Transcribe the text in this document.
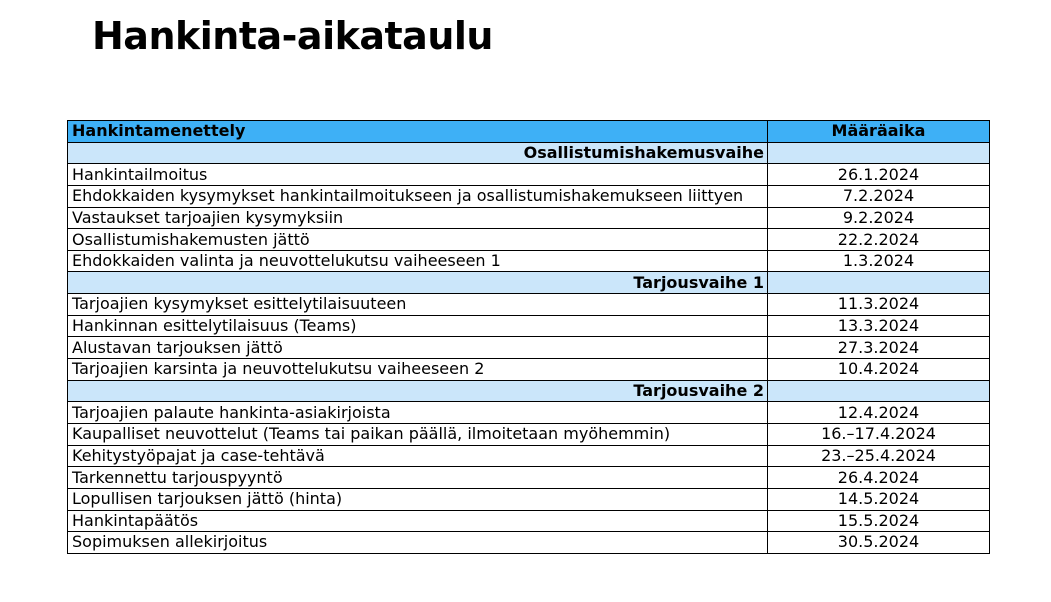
Hankinta-aikataulu
Hankintamenettely	Määräaika
Osallistumishakemusvaihe	
Hankintailmoitus	26.1.2024
Ehdokkaiden kysymykset hankintailmoitukseen ja osallistumishakemukseen liittyen	7.2.2024
Vastaukset tarjoajien kysymyksiin	9.2.2024
Osallistumishakemusten jättö	22.2.2024
Ehdokkaiden valinta ja neuvottelukutsu vaiheeseen 1	1.3.2024
Tarjousvaihe 1	
Tarjoajien kysymykset esittelytilaisuuteen	11.3.2024
Hankinnan esittelytilaisuus (Teams)	13.3.2024
Alustavan tarjouksen jättö	27.3.2024
Tarjoajien karsinta ja neuvottelukutsu vaiheeseen 2	10.4.2024
Tarjousvaihe 2	
Tarjoajien palaute hankinta-asiakirjoista	12.4.2024
Kaupalliset neuvottelut (Teams tai paikan päällä, ilmoitetaan myöhemmin)	16.–17.4.2024
Kehitystyöpajat ja case-tehtävä	23.–25.4.2024
Tarkennettu tarjouspyyntö	26.4.2024
Lopullisen tarjouksen jättö (hinta)	14.5.2024
Hankintapäätös	15.5.2024
Sopimuksen allekirjoitus	30.5.2024
